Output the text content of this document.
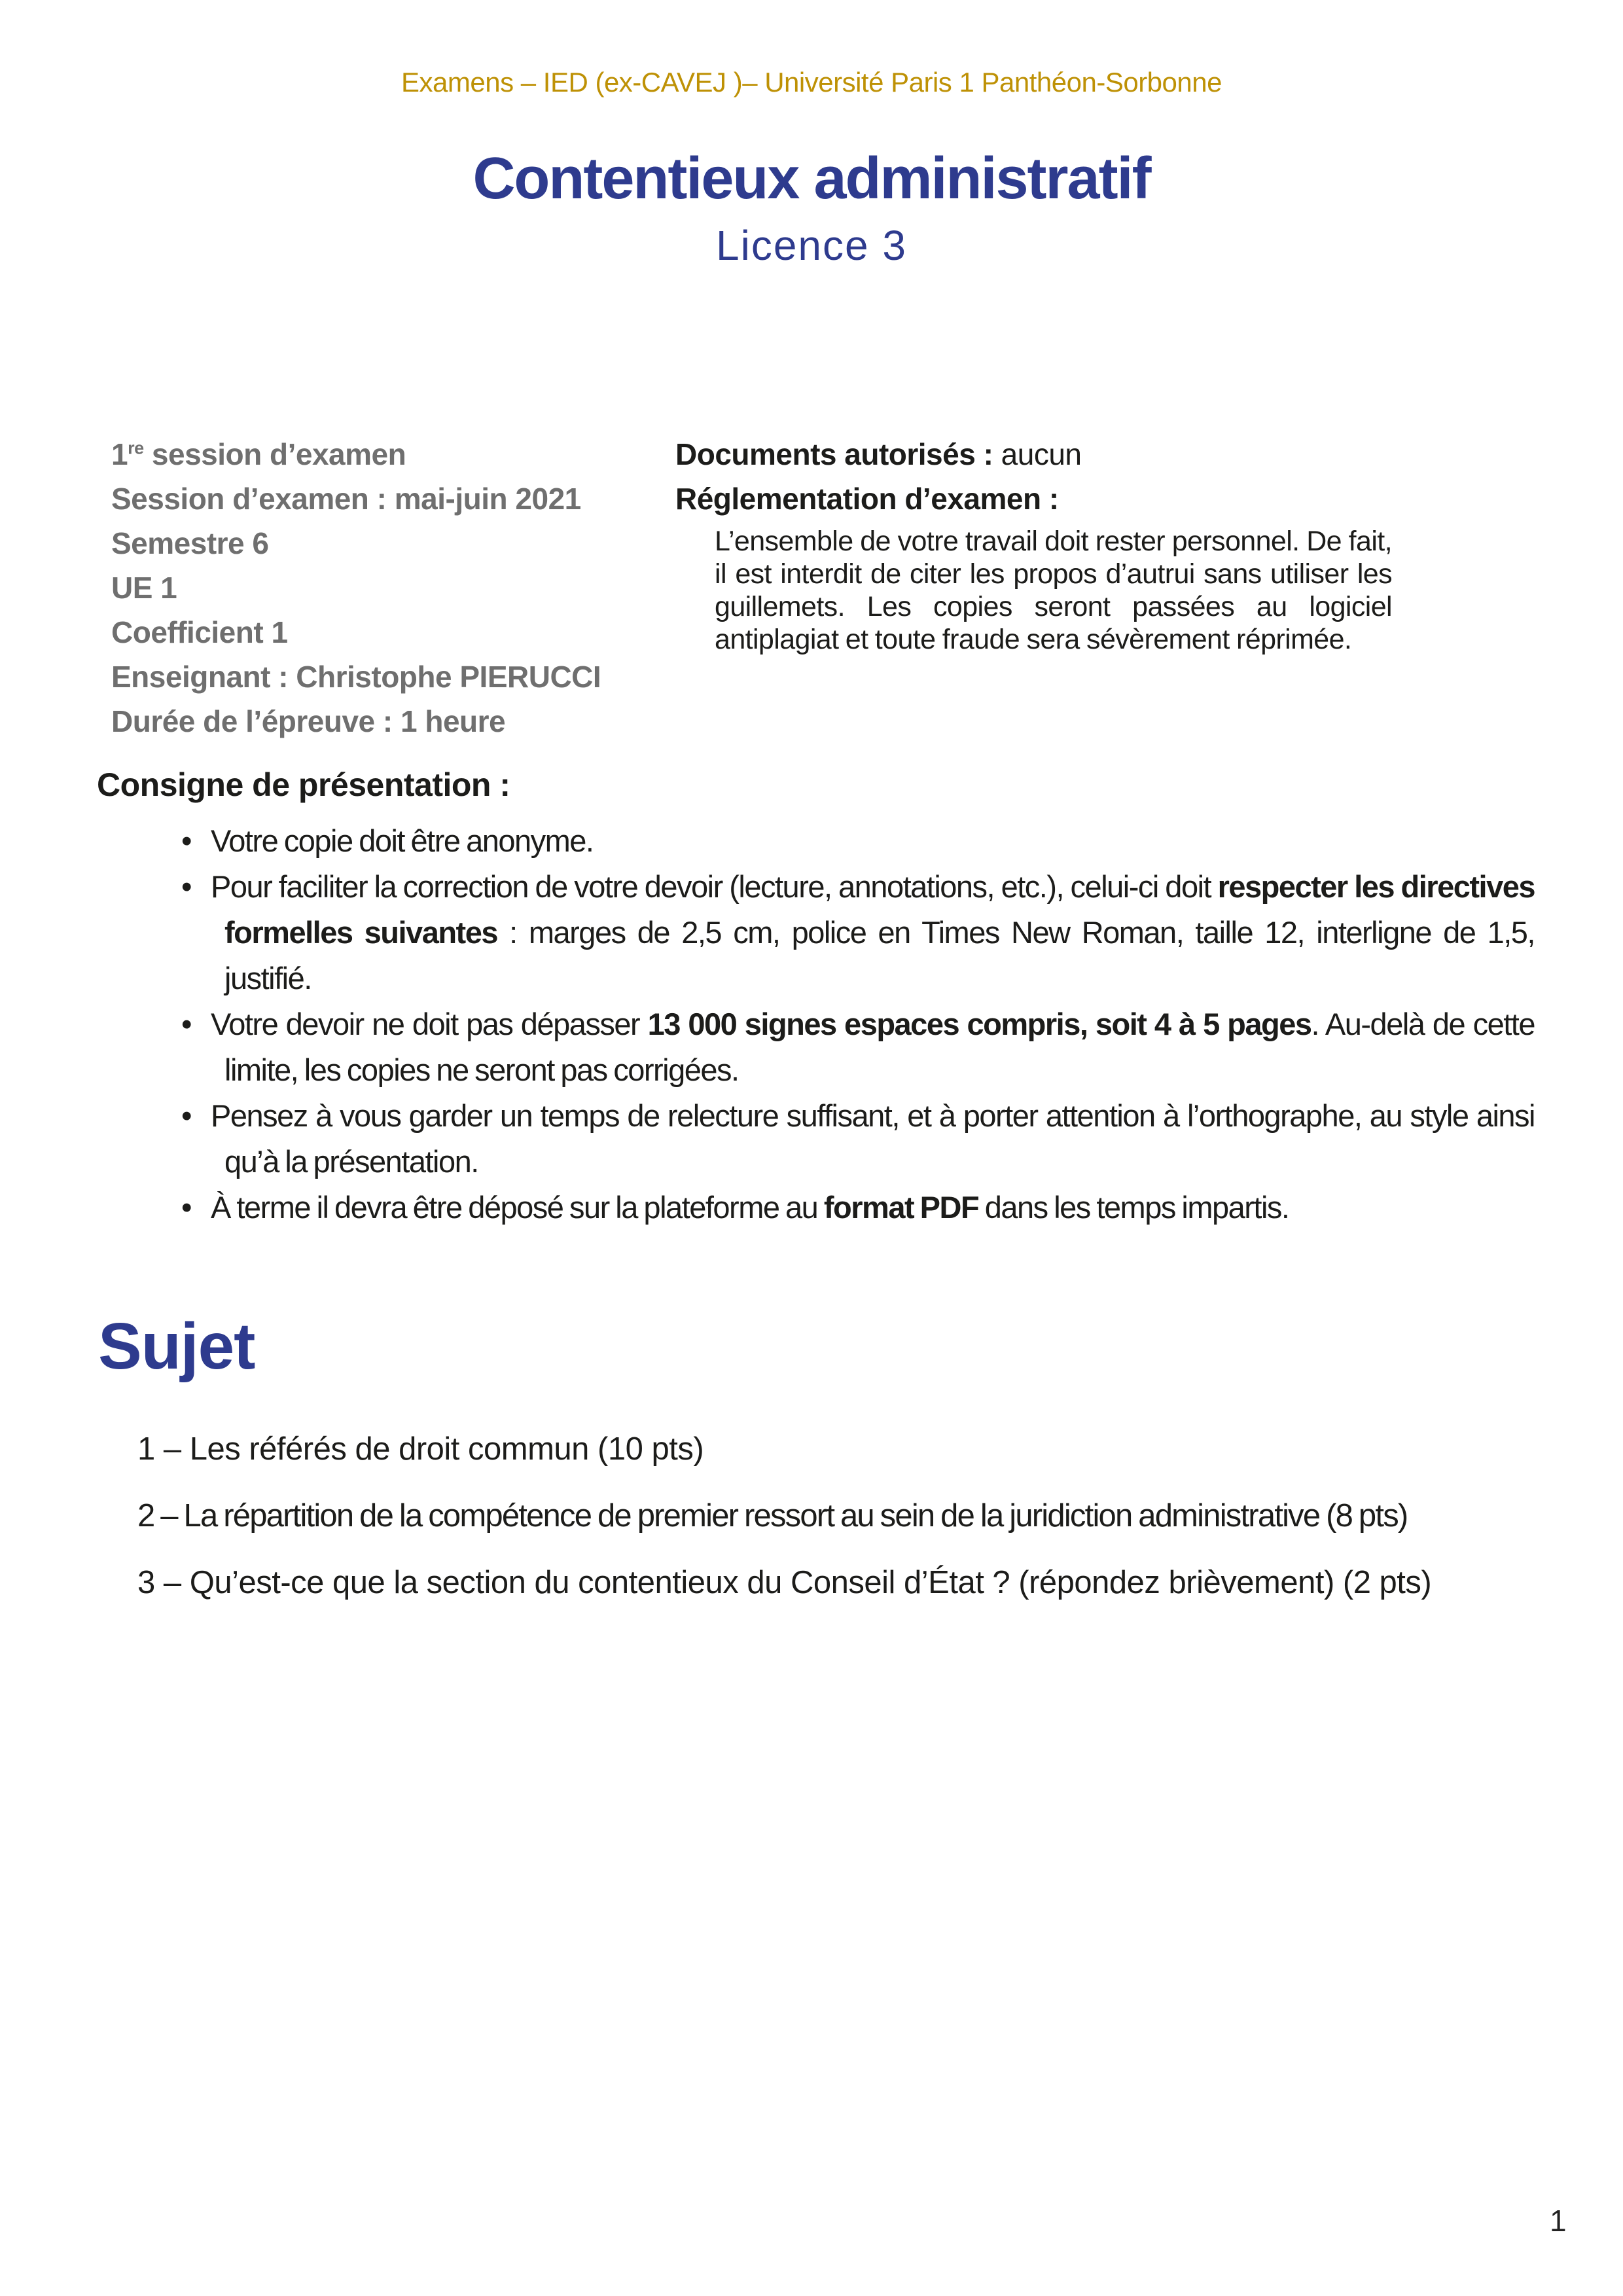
Examens – IED (ex-CAVEJ )– Université Paris 1 Panthéon-Sorbonne
Contentieux administratif
Licence 3
1re session d’examen
Session d’examen : mai-juin 2021
Semestre 6
UE 1
Coefficient 1
Enseignant : Christophe PIERUCCI
Durée de l’épreuve : 1 heure
Documents autorisés : aucun
Réglementation d’examen :

L’ensemble de votre travail doit rester personnel. De fait, il est interdit de citer les propos d’autrui sans utiliser les guillemets. Les copies seront passées au logiciel antiplagiat et toute fraude sera sévèrement réprimée.

Consigne de présentation :
• Votre copie doit être anonyme.
• Pour faciliter la correction de votre devoir (lecture, annotations, etc.), celui-ci doit respecter les directives formelles suivantes : marges de 2,5 cm, police en Times New Roman, taille 12, interligne de 1,5, justifié.
• Votre devoir ne doit pas dépasser 13 000 signes espaces compris, soit 4 à 5 pages. Au-delà de cette limite, les copies ne seront pas corrigées.
• Pensez à vous garder un temps de relecture suffisant, et à porter attention à l’orthographe, au style ainsi qu’à la présentation.
• À terme il devra être déposé sur la plateforme au format PDF dans les temps impartis.
Sujet

1 – Les référés de droit commun (10 pts)

2 – La répartition de la compétence de premier ressort au sein de la juridiction administrative (8 pts)

3 – Qu’est-ce que la section du contentieux du Conseil d’État ? (répondez brièvement) (2 pts)

1
